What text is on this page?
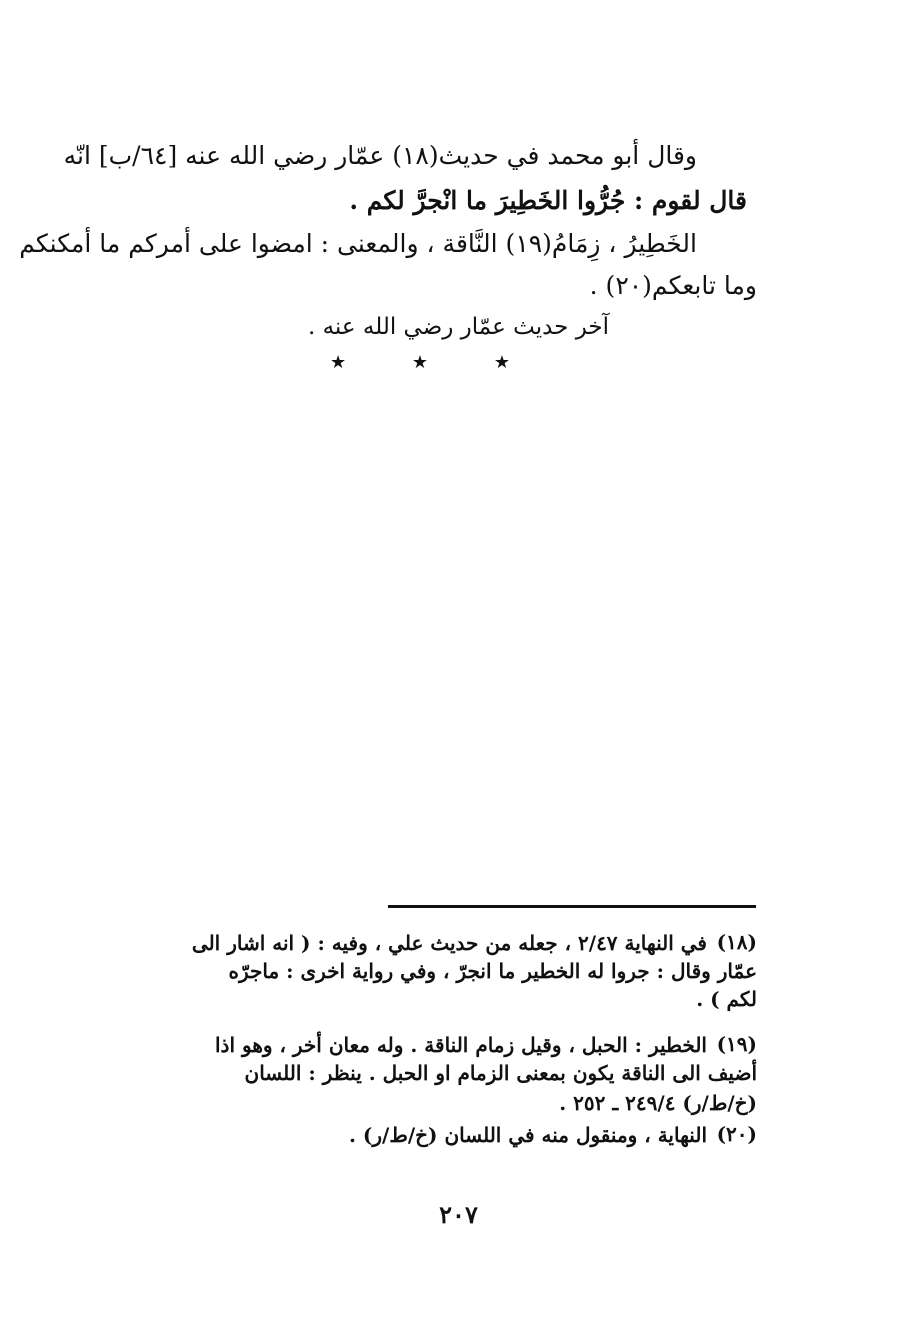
وقال أبو محمد في حديث(١٨) عمّار رضي الله عنه [٦٤/ب] انّه
قال لقوم : جُرُّوا الخَطِيرَ ما انْجرَّ لكم .
الخَطِيرُ ، زِمَامُ(١٩) النَّاقة ، والمعنى : امضوا على أمركم ما أمكنكم
وما تابعكم(٢٠) .
آخر حديث عمّار رضي الله عنه .
★	★	★
(١٨)
في النهاية ٢/٤٧ ، جعله من حديث علي ، وفيه : ( انه اشار الى
عمّار وقال : جروا له الخطير ما انجرّ ، وفي رواية اخرى : ماجرّه
لكم ) .
(١٩)
الخطير : الحبل ، وقيل زمام الناقة . وله معان أخر ، وهو اذا
أضيف الى الناقة يكون بمعنى الزمام او الحبل . ينظر : اللسان
(خ/ط/ر) ٢٤٩/٤ ـ ٢٥٢ .
(٢٠)
النهاية ، ومنقول منه في اللسان (خ/ط/ر) .
٢٠٧
